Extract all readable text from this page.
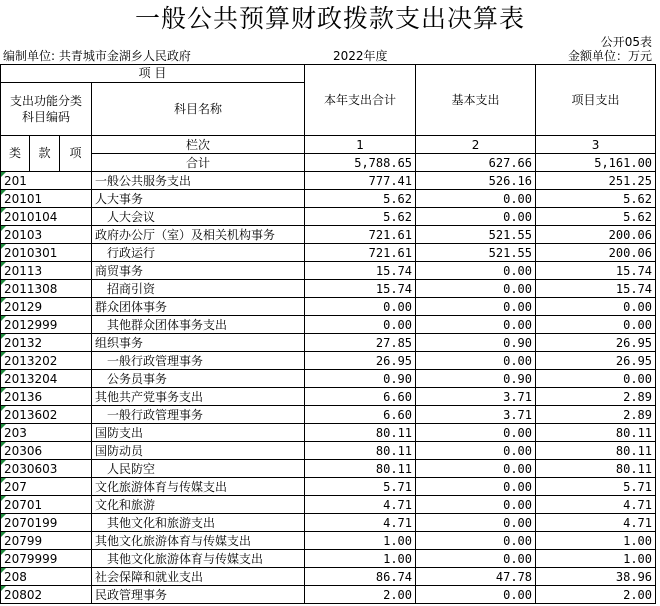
一般公共预算财政拨款支出决算表
公开05表
编制单位: 共青城市金湖乡人民政府	2022年度	金额单位：万元
项 目				本年支出合计	基本支出	项目支出
支出功能分类
科目编码			科目名称			

类	款	项	栏次	1	2	3
			合计	5,788.65	627.66	5,161.00
201			一般公共服务支出	777.41	526.16	251.25
20101			人大事务	5.62	0.00	5.62
2010104			人大会议	5.62	0.00	5.62
20103			政府办公厅（室）及相关机构事务	721.61	521.55	200.06
2010301			行政运行	721.61	521.55	200.06
20113			商贸事务	15.74	0.00	15.74
2011308			招商引资	15.74	0.00	15.74
20129			群众团体事务	0.00	0.00	0.00
2012999			其他群众团体事务支出	0.00	0.00	0.00
20132			组织事务	27.85	0.90	26.95
2013202			一般行政管理事务	26.95	0.00	26.95
2013204			公务员事务	0.90	0.90	0.00
20136			其他共产党事务支出	6.60	3.71	2.89
2013602			一般行政管理事务	6.60	3.71	2.89
203			国防支出	80.11	0.00	80.11
20306			国防动员	80.11	0.00	80.11
2030603			人民防空	80.11	0.00	80.11
207			文化旅游体育与传媒支出	5.71	0.00	5.71
20701			文化和旅游	4.71	0.00	4.71
2070199			其他文化和旅游支出	4.71	0.00	4.71
20799			其他文化旅游体育与传媒支出	1.00	0.00	1.00
2079999			其他文化旅游体育与传媒支出	1.00	0.00	1.00
208			社会保障和就业支出	86.74	47.78	38.96
20802			民政管理事务	2.00	0.00	2.00
